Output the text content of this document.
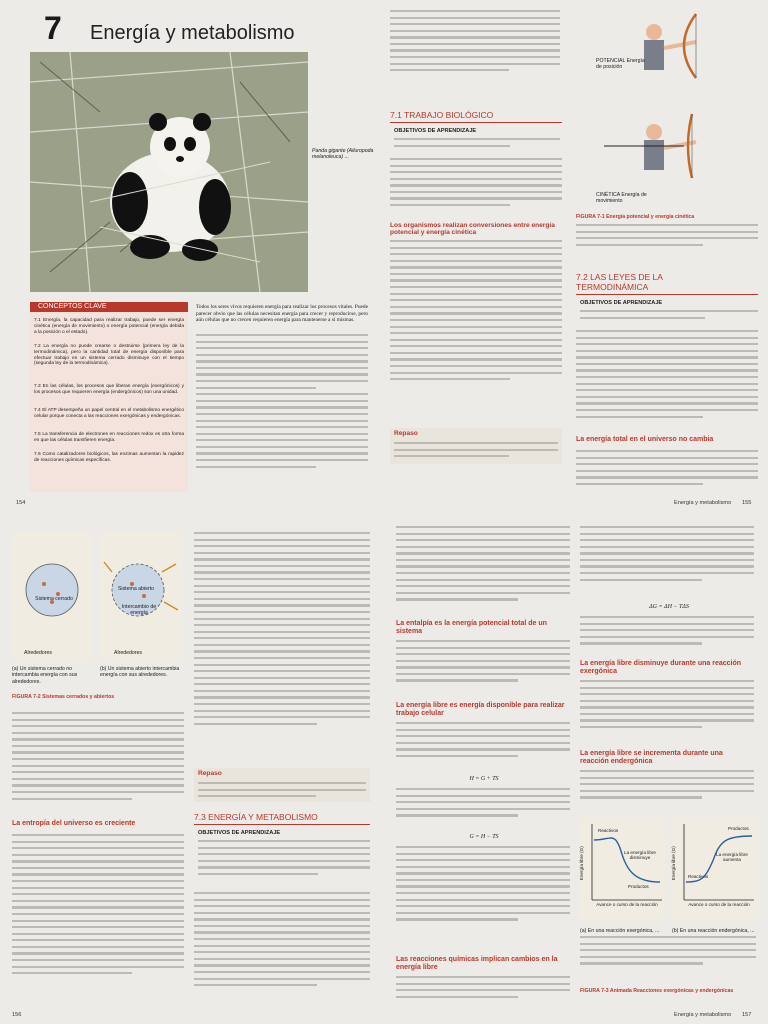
7 Energía y metabolismo
Panda gigante (Ailuropoda melanoleuca) ...
CONCEPTOS CLAVE
7.1 Energía, la capacidad para realizar trabajo, puede ser energía cinética (energía de movimiento) o energía potencial (energía debida a la posición o el estado).
7.2 La energía no puede crearse o destruirse (primera ley de la termodinámica), pero la cantidad total de energía disponible para efectuar trabajo en un sistema cerrado disminuye con el tiempo (segunda ley de la termodinámica).
7.3 En las células, los procesos que liberan energía (exergónicos) y los procesos que requieren energía (endergónicos) son una unidad.
7.4 El ATP desempeña un papel central en el metabolismo energético celular porque conecta a las reacciones exergónicas y endergónicas.
7.5 La transferencia de electrones en reacciones redox es otra forma en que las células transfieren energía.
7.6 Como catalizadores biológicos, las enzimas aumentan la rapidez de reacciones químicas específicas.
Todos los seres vivos requieren energía para realizar los procesos vitales. Puede parecer obvio que las células necesitan energía para crecer y reproducirse, pero aún células que no crecen requieren energía para mantenerse a sí mismas.
154
POTENCIAL Energía de posición
CINÉTICA Energía de movimiento
7.1 TRABAJO BIOLÓGICO
OBJETIVOS DE APRENDIZAJE
Los organismos realizan conversiones entre energía potencial y energía cinética
Repaso
FIGURA 7-1 Energía potencial y energía cinética
7.2 LAS LEYES DE LA TERMODINÁMICA
OBJETIVOS DE APRENDIZAJE
La energía total en el universo no cambia
Energía y metabolismo 155
Sistema cerrado
Sistema abierto
Intercambio de energía
Alrededores	Alrededores
(a) Un sistema cerrado no intercambia energía con sus alrededores.
(b) Un sistema abierto intercambia energía con sus alrededores.
FIGURA 7-2 Sistemas cerrados y abiertos
La entropía del universo es creciente
Repaso
7.3 ENERGÍA Y METABOLISMO
OBJETIVOS DE APRENDIZAJE
156
La entalpía es la energía potencial total de un sistema
La energía libre es energía disponible para realizar trabajo celular
H = G + TS
G = H − TS
Las reacciones químicas implican cambios en la energía libre
ΔG = ΔH − TΔS
La energía libre disminuye durante una reacción exergónica
La energía libre se incrementa durante una reacción endergónica
Energía libre (G)
Reactivos
La energía libre disminuye
Productos
Avance o curso de la reacción
Energía libre (G)
Productos
La energía libre aumenta
Reactivos
Avance o curso de la reacción
(a) En una reacción exergónica, ...	(b) En una reacción endergónica, ...
FIGURA 7-3 Animada Reacciones exergónicas y endergónicas
Energía y metabolismo 157
